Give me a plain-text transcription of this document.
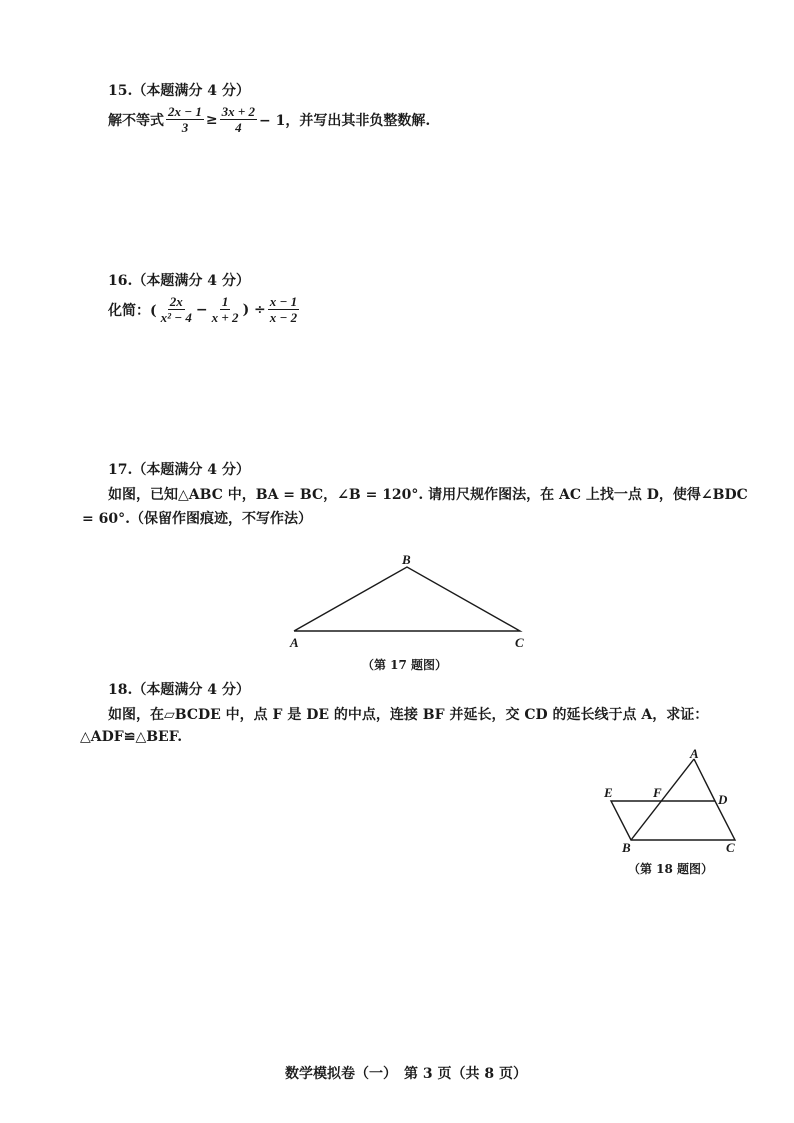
15.（本题满分 4 分）
解不等式 $\frac{2x - 1}{3} \ge \frac{3x + 2}{4} - 1$，并写出其非负整数解.
16.（本题满分 4 分）
化简：( $\frac{2x}{\text{x² − 4}} - \frac{1}{x + 2}$ ) ÷ $\frac{x - 1}{x - 2}$
17.（本题满分 4 分）
如图，已知△ABC 中，BA = BC，∠B = 120°. 请用尺规作图法，在 AC 上找一点 D，使得∠BDC
= 60°.（保留作图痕迹，不写作法）
B
A	C
（第 17 题图）
18.（本题满分 4 分）
如图，在▱BCDE 中，点 F 是 DE 的中点，连接 BF 并延长，交 CD 的延长线于点 A，求证：
△ADF≌△BEF.
A
E	F	D
B	C
（第 18 题图）
数学模拟卷（一）　第 3 页（共 8 页）
